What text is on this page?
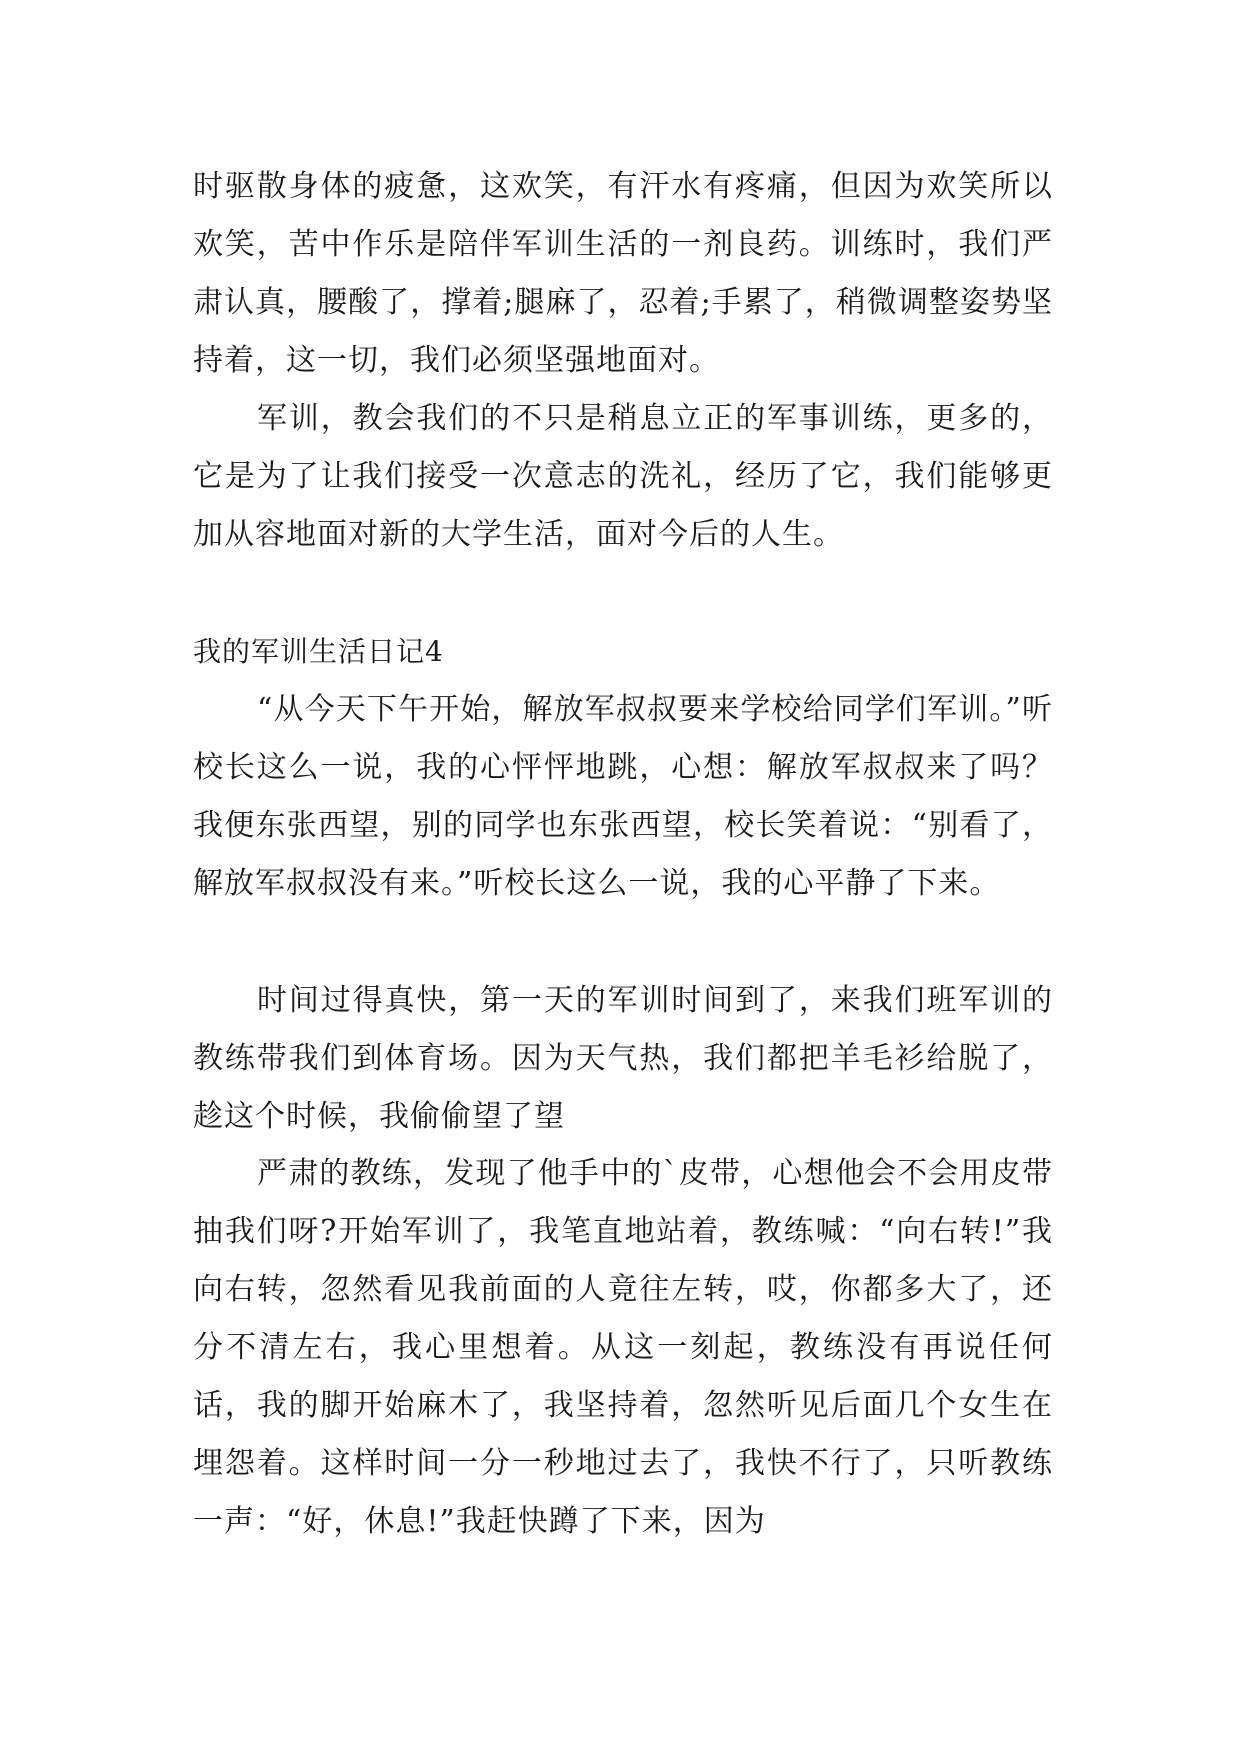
时驱散身体的疲惫，这欢笑，有汗水有疼痛，但因为欢笑所以欢笑，苦中作乐是陪伴军训生活的一剂良药。训练时，我们严肃认真，腰酸了，撑着;腿麻了，忍着;手累了，稍微调整姿势坚持着，这一切，我们必须坚强地面对。

军训，教会我们的不只是稍息立正的军事训练，更多的，它是为了让我们接受一次意志的洗礼，经历了它，我们能够更加从容地面对新的大学生活，面对今后的人生。

我的军训生活日记4

“从今天下午开始，解放军叔叔要来学校给同学们军训。”听校长这么一说，我的心怦怦地跳，心想：解放军叔叔来了吗？我便东张西望，别的同学也东张西望，校长笑着说：“别看了，解放军叔叔没有来。”听校长这么一说，我的心平静了下来。

时间过得真快，第一天的军训时间到了，来我们班军训的教练带我们到体育场。因为天气热，我们都把羊毛衫给脱了，趁这个时候，我偷偷望了望

严肃的教练，发现了他手中的`皮带，心想他会不会用皮带抽我们呀?开始军训了，我笔直地站着，教练喊：“向右转!”我向右转，忽然看见我前面的人竟往左转，哎，你都多大了，还分不清左右，我心里想着。从这一刻起，教练没有再说任何话，我的脚开始麻木了，我坚持着，忽然听见后面几个女生在埋怨着。这样时间一分一秒地过去了，我快不行了，只听教练一声：“好，休息!”我赶快蹲了下来，因为
